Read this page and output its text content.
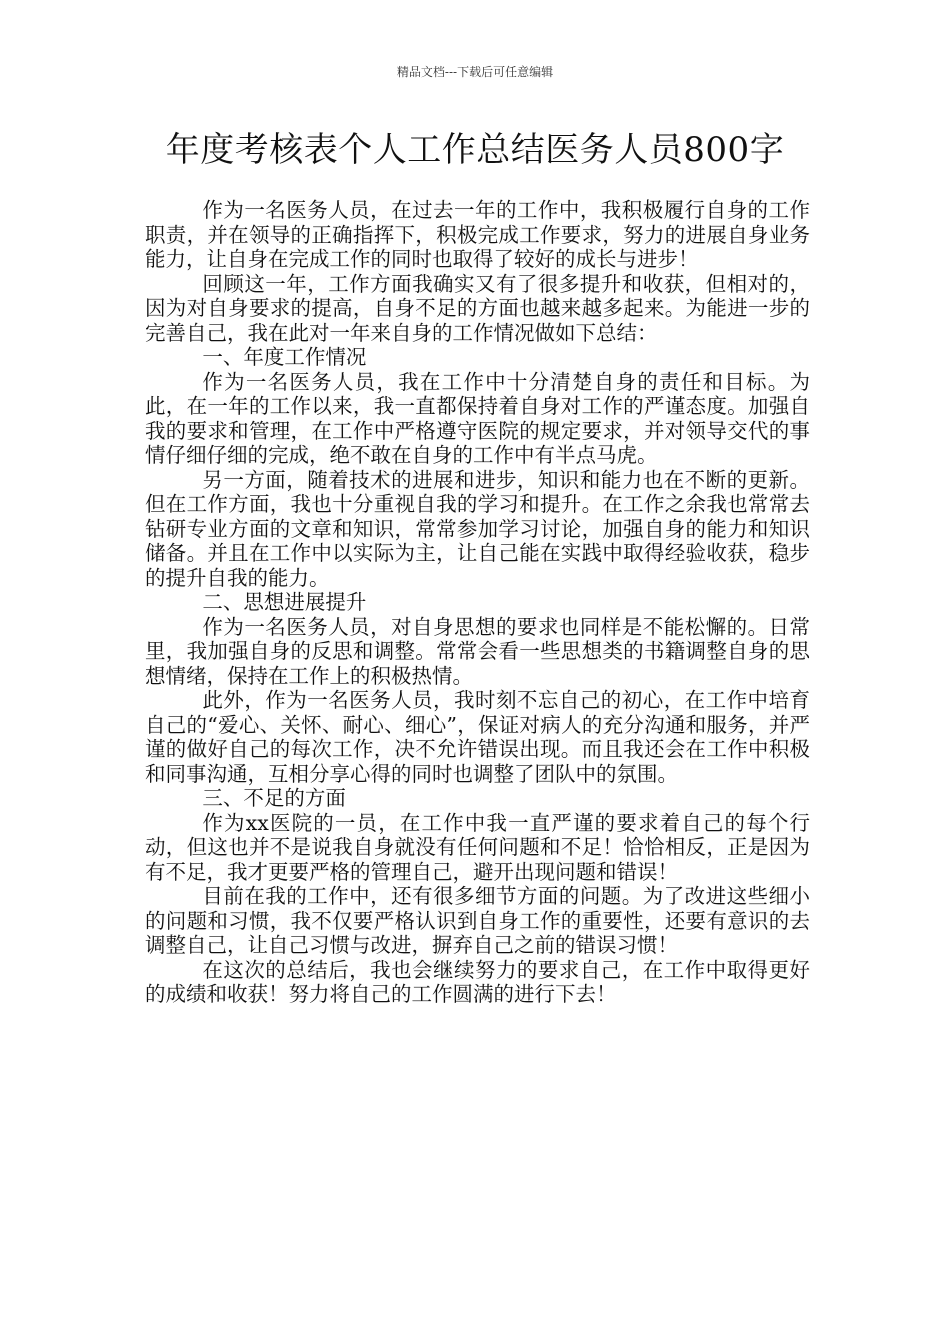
精品文档---下载后可任意编辑
年度考核表个人工作总结医务人员800字

作为一名医务人员，在过去一年的工作中，我积极履行自身的工作职责，并在领导的正确指挥下，积极完成工作要求，努力的进展自身业务能力，让自身在完成工作的同时也取得了较好的成长与进步！

回顾这一年，工作方面我确实又有了很多提升和收获，但相对的，因为对自身要求的提高，自身不足的方面也越来越多起来。为能进一步的完善自己，我在此对一年来自身的工作情况做如下总结：

一、年度工作情况

作为一名医务人员，我在工作中十分清楚自身的责任和目标。为此，在一年的工作以来，我一直都保持着自身对工作的严谨态度。加强自我的要求和管理，在工作中严格遵守医院的规定要求，并对领导交代的事情仔细仔细的完成，绝不敢在自身的工作中有半点马虎。

另一方面，随着技术的进展和进步，知识和能力也在不断的更新。但在工作方面，我也十分重视自我的学习和提升。在工作之余我也常常去钻研专业方面的文章和知识，常常参加学习讨论，加强自身的能力和知识储备。并且在工作中以实际为主，让自己能在实践中取得经验收获，稳步的提升自我的能力。

二、思想进展提升

作为一名医务人员，对自身思想的要求也同样是不能松懈的。日常里，我加强自身的反思和调整。常常会看一些思想类的书籍调整自身的思想情绪，保持在工作上的积极热情。

此外，作为一名医务人员，我时刻不忘自己的初心，在工作中培育自己的“爱心、关怀、耐心、细心”，保证对病人的充分沟通和服务，并严谨的做好自己的每次工作，决不允许错误出现。而且我还会在工作中积极和同事沟通，互相分享心得的同时也调整了团队中的氛围。

三、不足的方面

作为xx医院的一员，在工作中我一直严谨的要求着自己的每个行动，但这也并不是说我自身就没有任何问题和不足！恰恰相反，正是因为有不足，我才更要严格的管理自己，避开出现问题和错误！

目前在我的工作中，还有很多细节方面的问题。为了改进这些细小的问题和习惯，我不仅要严格认识到自身工作的重要性，还要有意识的去调整自己，让自己习惯与改进，摒弃自己之前的错误习惯！

在这次的总结后，我也会继续努力的要求自己，在工作中取得更好的成绩和收获！努力将自己的工作圆满的进行下去！
